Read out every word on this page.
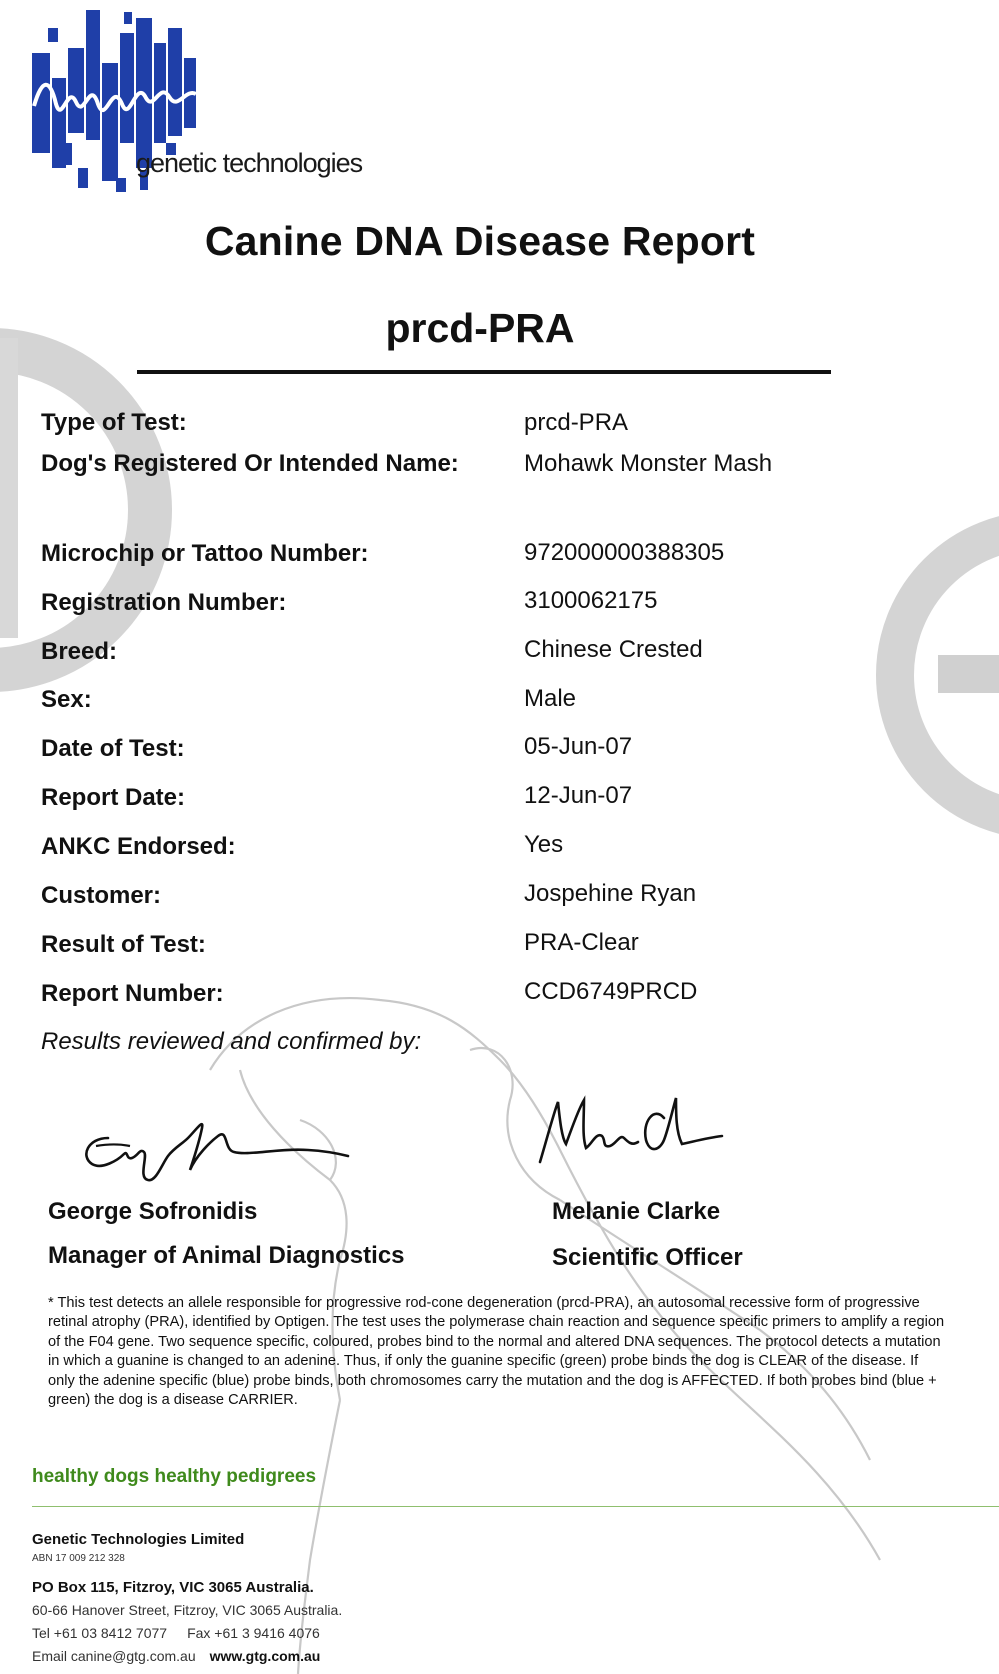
genetic technologies
Canine DNA Disease Report
prcd-PRA
Type of Test:	prcd-PRA
Dog's Registered Or Intended Name:	Mohawk Monster Mash
Microchip or Tattoo Number:	972000000388305
Registration Number:	3100062175
Breed:	Chinese Crested
Sex:	Male
Date of Test:	05-Jun-07
Report Date:	12-Jun-07
ANKC Endorsed:	Yes
Customer:	Jospehine Ryan
Result of Test:	PRA-Clear
Report Number:	CCD6749PRCD
Results reviewed and confirmed by:
George Sofronidis
Manager of Animal Diagnostics
Melanie Clarke
Scientific Officer
* This test detects an allele responsible for progressive rod-cone degeneration (prcd-PRA), an autosomal recessive form of progressive retinal atrophy (PRA), identified by Optigen. The test uses the polymerase chain reaction and sequence specific primers to amplify a region of the F04 gene. Two sequence specific, coloured, probes bind to the normal and altered DNA sequences. The protocol detects a mutation in which a guanine is changed to an adenine. Thus, if only the guanine specific (green) probe binds the dog is CLEAR of the disease. If only the adenine specific (blue) probe binds, both chromosomes carry the mutation and the dog is AFFECTED. If both probes bind (blue + green) the dog is a disease CARRIER.
healthy dogs healthy pedigrees
Genetic Technologies Limited
ABN 17 009 212 328
PO Box 115, Fitzroy, VIC 3065 Australia.
60-66 Hanover Street, Fitzroy, VIC 3065 Australia.
Tel +61 03 8412 7077 Fax +61 3 9416 4076
Email canine@gtg.com.au www.gtg.com.au
